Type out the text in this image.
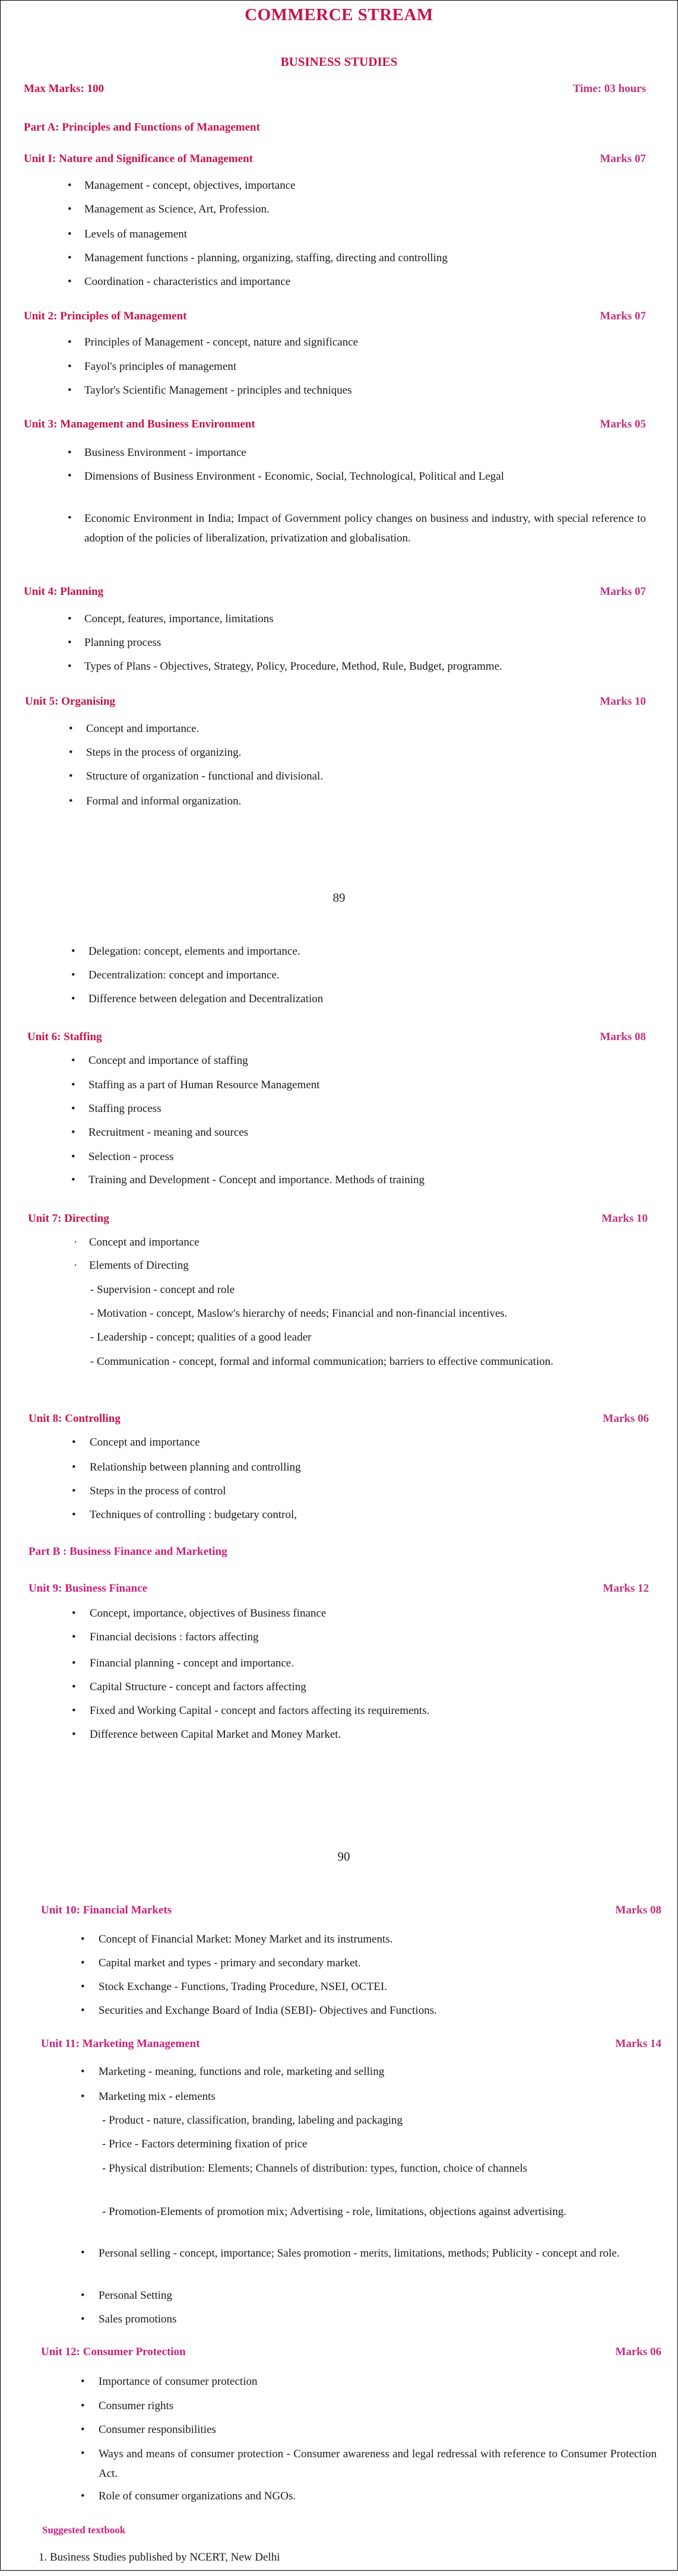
COMMERCE STREAM
BUSINESS STUDIES
Max Marks: 100	Time: 03 hours
Part A: Principles and Functions of Management
Unit I: Nature and Significance of Management	Marks 07
• Management - concept, objectives, importance
• Management as Science, Art, Profession.
• Levels of management
• Management functions - planning, organizing, staffing, directing and controlling
• Coordination - characteristics and importance
Unit 2: Principles of Management	Marks 07
• Principles of Management - concept, nature and significance
• Fayol's principles of management
• Taylor's Scientific Management - principles and techniques
Unit 3: Management and Business Environment	Marks 05
• Business Environment - importance
• Dimensions of Business Environment - Economic, Social, Technological, Political and Legal
• Economic Environment in India; Impact of Government policy changes on business and industry, with special reference to adoption of the policies of liberalization, privatization and globalisation.
Unit 4: Planning	Marks 07
• Concept, features, importance, limitations
• Planning process
• Types of Plans - Objectives, Strategy, Policy, Procedure, Method, Rule, Budget, programme.
Unit 5: Organising	Marks 10
• Concept and importance.
• Steps in the process of organizing.
• Structure of organization - functional and divisional.
• Formal and informal organization.
89
• Delegation: concept, elements and importance.
• Decentralization: concept and importance.
• Difference between delegation and Decentralization
Unit 6: Staffing	Marks 08
• Concept and importance of staffing
• Staffing as a part of Human Resource Management
• Staffing process
• Recruitment - meaning and sources
• Selection - process
• Training and Development - Concept and importance. Methods of training
Unit 7: Directing	Marks 10
· Concept and importance
· Elements of Directing
- Supervision - concept and role
- Motivation - concept, Maslow's hierarchy of needs; Financial and non-financial incentives.
- Leadership - concept; qualities of a good leader
- Communication - concept, formal and informal communication; barriers to effective communication.
Unit 8: Controlling	Marks 06
• Concept and importance
• Relationship between planning and controlling
• Steps in the process of control
• Techniques of controlling : budgetary control,
Part B : Business Finance and Marketing
Unit 9: Business Finance	Marks 12
• Concept, importance, objectives of Business finance
• Financial decisions : factors affecting
• Financial planning - concept and importance.
• Capital Structure - concept and factors affecting
• Fixed and Working Capital - concept and factors affecting its requirements.
• Difference between Capital Market and Money Market.
90
Unit 10: Financial Markets	Marks 08
• Concept of Financial Market: Money Market and its instruments.
• Capital market and types - primary and secondary market.
• Stock Exchange - Functions, Trading Procedure, NSEI, OCTEI.
• Securities and Exchange Board of India (SEBI)- Objectives and Functions.
Unit 11: Marketing Management	Marks 14
• Marketing - meaning, functions and role, marketing and selling
• Marketing mix - elements
- Product - nature, classification, branding, labeling and packaging
- Price - Factors determining fixation of price
- Physical distribution: Elements; Channels of distribution: types, function, choice of channels
- Promotion-Elements of promotion mix; Advertising - role, limitations, objections against advertising.
• Personal selling - concept, importance; Sales promotion - merits, limitations, methods; Publicity - concept and role.
• Personal Setting
• Sales promotions
Unit 12: Consumer Protection	Marks 06
• Importance of consumer protection
• Consumer rights
• Consumer responsibilities
• Ways and means of consumer protection - Consumer awareness and legal redressal with reference to Consumer Protection Act.
• Role of consumer organizations and NGOs.
Suggested textbook
1. Business Studies published by NCERT, New Delhi
